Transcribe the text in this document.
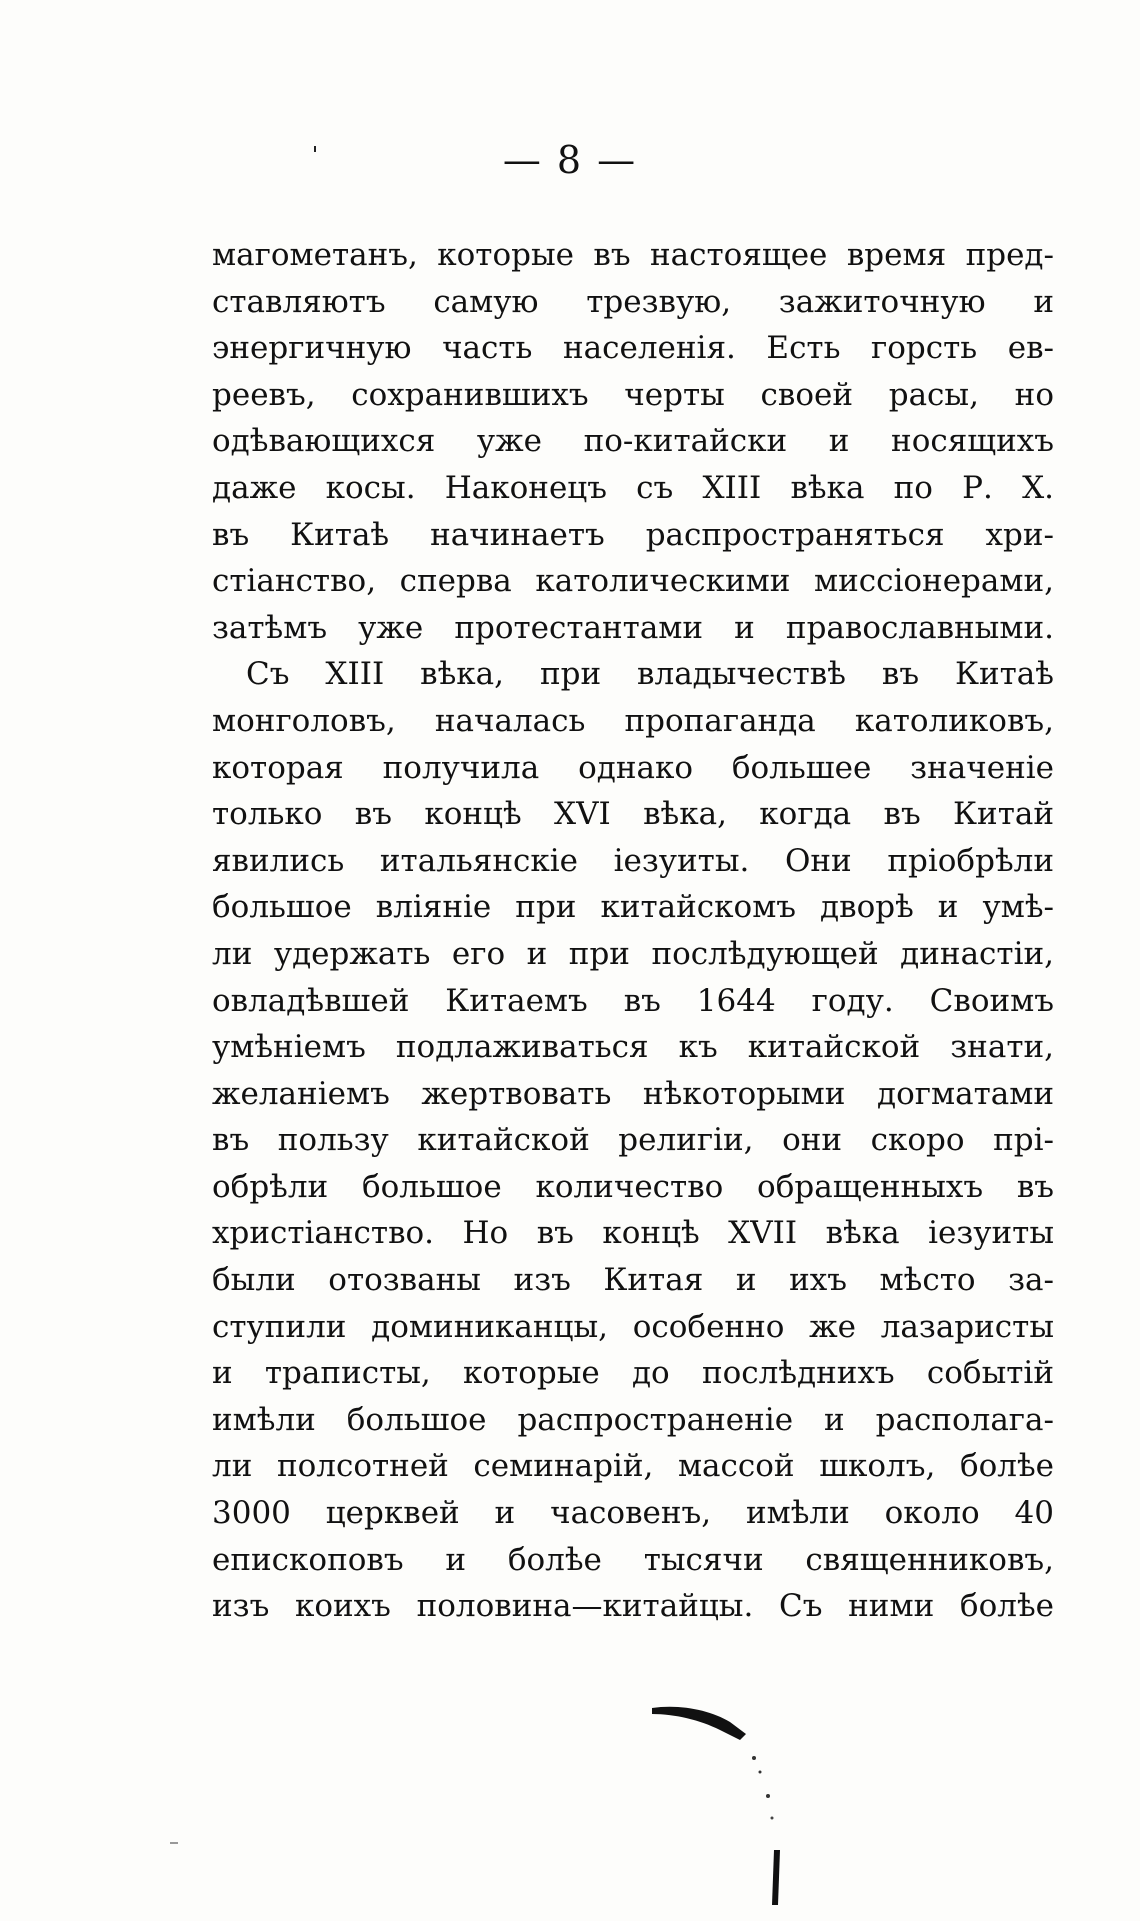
— 8 —
магометанъ, которые въ настоящее время пред-
ставляютъ самую трезвую, зажиточную и
энергичную часть населенія. Есть горсть ев-
реевъ, сохранившихъ черты своей расы, но
одѣвающихся уже по-китайски и носящихъ
даже косы. Наконецъ съ XIII вѣка по Р. X.
въ Китаѣ начинаетъ распространяться хри-
стіанство, сперва католическими миссіонерами,
затѣмъ уже протестантами и православными.
Съ XIII вѣка, при владычествѣ въ Китаѣ
монголовъ, началась пропаганда католиковъ,
которая получила однако большее значеніе
только въ концѣ XVI вѣка, когда въ Китай
явились итальянскіе іезуиты. Они пріобрѣли
большое вліяніе при китайскомъ дворѣ и умѣ-
ли удержать его и при послѣдующей династіи,
овладѣвшей Китаемъ въ 1644 году. Своимъ
умѣніемъ подлаживаться къ китайской знати,
желаніемъ жертвовать нѣкоторыми догматами
въ пользу китайской религіи, они скоро прі-
обрѣли большое количество обращенныхъ въ
христіанство. Но въ концѣ XVII вѣка іезуиты
были отозваны изъ Китая и ихъ мѣсто за-
ступили доминиканцы, особенно же лазаристы
и траписты, которые до послѣднихъ событій
имѣли большое распространеніе и располага-
ли полсотней семинарій, массой школъ, болѣе
3000 церквей и часовенъ, имѣли около 40
епископовъ и болѣе тысячи священниковъ,
изъ коихъ половина—китайцы. Съ ними болѣе
